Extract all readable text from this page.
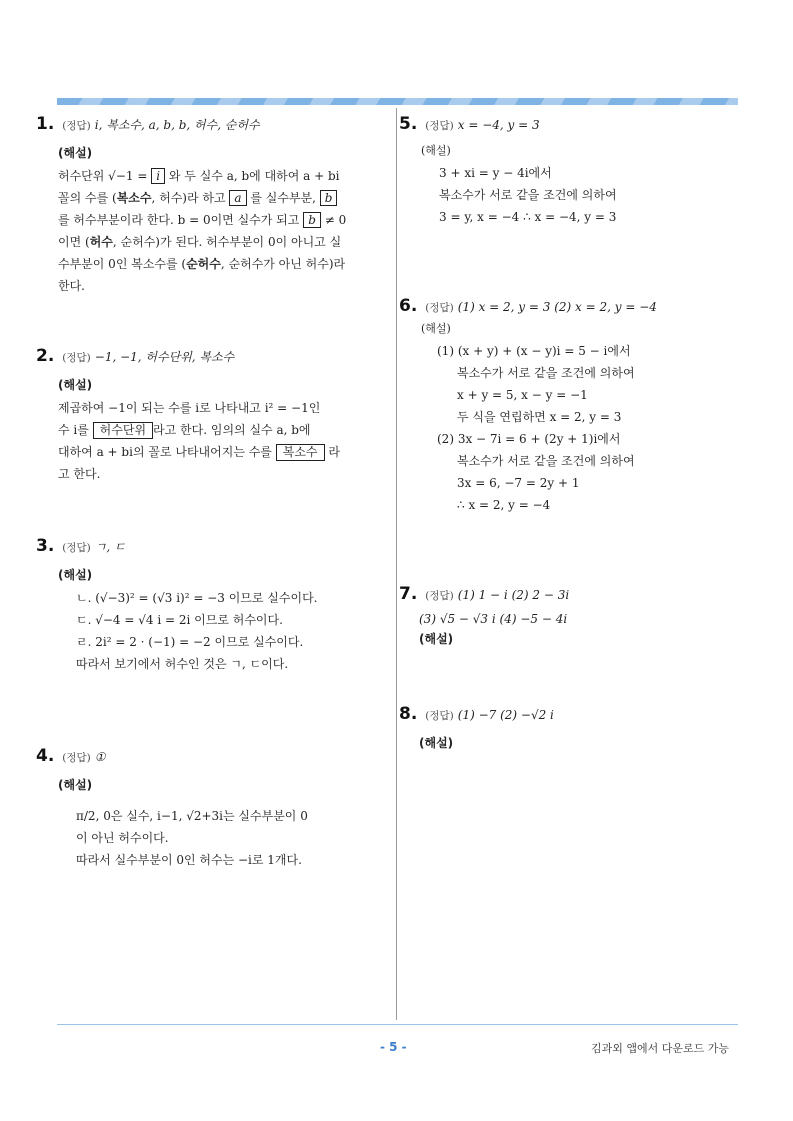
1. (정답) i, 복소수, a, b, b, 허수, 순허수
(해설)
허수단위 √−1 = i 와 두 실수 a, b에 대하여 a + bi
꼴의 수를 (복소수, 허수)라 하고 a 를 실수부분, b
를 허수부분이라 한다. b = 0이면 실수가 되고 b ≠ 0
이면 (허수, 순허수)가 된다. 허수부분이 0이 아니고 실
수부분이 0인 복소수를 (순허수, 순허수가 아닌 허수)라
한다.
2. (정답) −1, −1, 허수단위, 복소수
(해설)
제곱하여 −1이 되는 수를 i로 나타내고 i² = −1인
수 i를 허수단위 라고 한다. 임의의 실수 a, b에
대하여 a + bi의 꼴로 나타내어지는 수를 복소수 라
고 한다.
3. (정답) ㄱ, ㄷ
(해설)
ㄴ. (√−3)² = (√3 i)² = −3 이므로 실수이다.
ㄷ. √−4 = √4 i = 2i 이므로 허수이다.
ㄹ. 2i² = 2 · (−1) = −2 이므로 실수이다.
따라서 보기에서 허수인 것은 ㄱ, ㄷ이다.
4. (정답) ①
(해설)
π/2, 0은 실수, i−1, √2+3i는 실수부분이 0
이 아닌 허수이다.
따라서 실수부분이 0인 허수는 −i로 1개다.
5. (정답) x = −4, y = 3
(해설)
3 + xi = y − 4i에서
복소수가 서로 같을 조건에 의하여
3 = y, x = −4 ∴ x = −4, y = 3
6. (정답) (1) x = 2, y = 3 (2) x = 2, y = −4
(해설)
(1) (x + y) + (x − y)i = 5 − i에서
복소수가 서로 같을 조건에 의하여
x + y = 5, x − y = −1
두 식을 연립하면 x = 2, y = 3
(2) 3x − 7i = 6 + (2y + 1)i에서
복소수가 서로 같을 조건에 의하여
3x = 6, −7 = 2y + 1
∴ x = 2, y = −4
7. (정답) (1) 1 − i (2) 2 − 3i
(3) √5 − √3 i (4) −5 − 4i
(해설)
8. (정답) (1) −7 (2) −√2 i
(해설)
- 5 -	김과외 앱에서 다운로드 가능
